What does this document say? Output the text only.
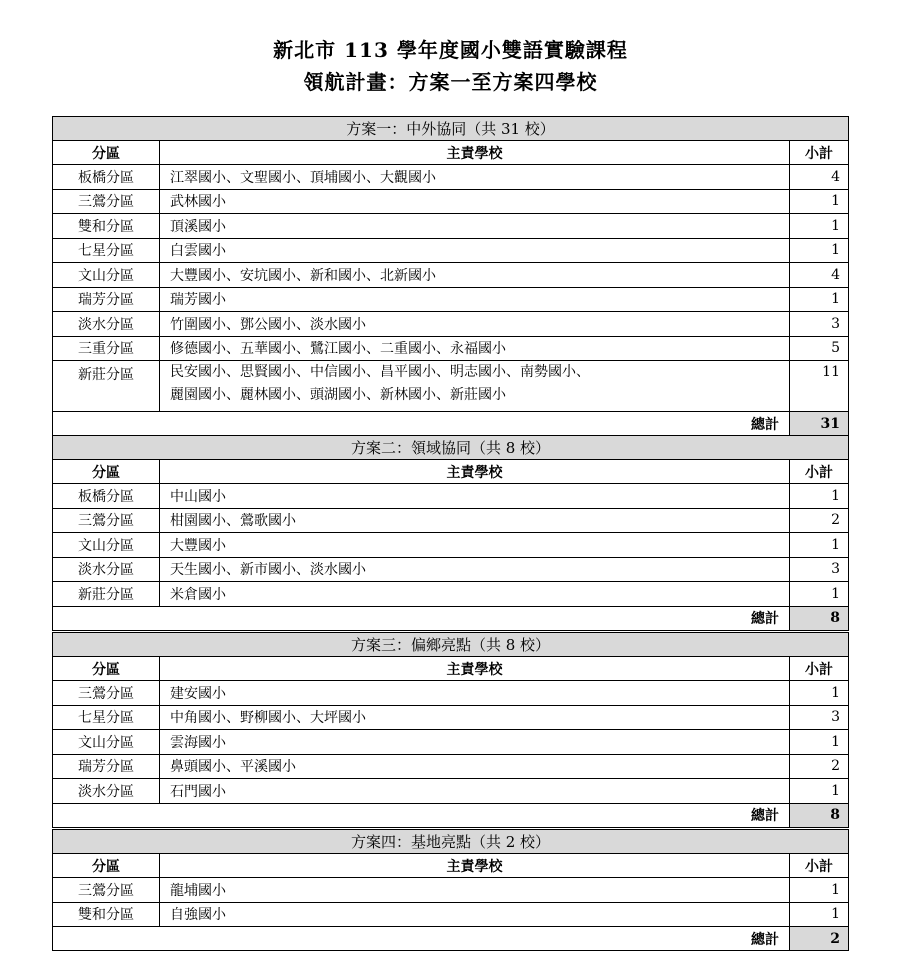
新北市 113 學年度國小雙語實驗課程
領航計畫：方案一至方案四學校
方案一：中外協同（共 31 校）		
分區	主責學校	小計
板橋分區	江翠國小、文聖國小、頂埔國小、大觀國小	4
三鶯分區	武林國小	1
雙和分區	頂溪國小	1
七星分區	白雲國小	1
文山分區	大豐國小、安坑國小、新和國小、北新國小	4
瑞芳分區	瑞芳國小	1
淡水分區	竹圍國小、鄧公國小、淡水國小	3
三重分區	修德國小、五華國小、鷺江國小、二重國小、永福國小	5
新莊分區	民安國小、思賢國小、中信國小、昌平國小、明志國小、南勢國小、
麗園國小、麗林國小、頭湖國小、新林國小、新莊國小	11
總計		31
方案二：領域協同（共 8 校）		
分區	主責學校	小計
板橋分區	中山國小	1
三鶯分區	柑園國小、鶯歌國小	2
文山分區	大豐國小	1
淡水分區	天生國小、新市國小、淡水國小	3
新莊分區	米倉國小	1
總計		8
方案三：偏鄉亮點（共 8 校）		
分區	主責學校	小計
三鶯分區	建安國小	1
七星分區	中角國小、野柳國小、大坪國小	3
文山分區	雲海國小	1
瑞芳分區	鼻頭國小、平溪國小	2
淡水分區	石門國小	1
總計		8
方案四：基地亮點（共 2 校）		
分區	主責學校	小計
三鶯分區	龍埔國小	1
雙和分區	自強國小	1
總計		2
